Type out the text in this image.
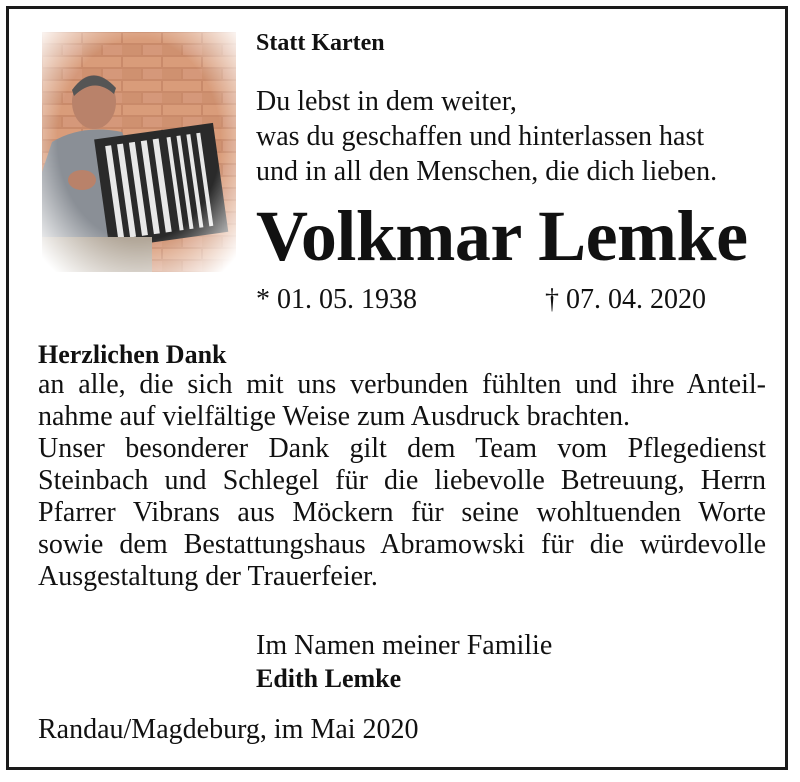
Statt Karten
Du lebst in dem weiter,
was du geschaffen und hinterlassen hast
und in all den Menschen, die dich lieben.
Volkmar Lemke
* 01. 05. 1938	† 07. 04. 2020
Herzlichen Dank
an alle, die sich mit uns verbunden fühlten und ihre Anteil-
nahme auf vielfältige Weise zum Ausdruck brachten.
Unser besonderer Dank gilt dem Team vom Pflegedienst
Steinbach und Schlegel für die liebevolle Betreuung, Herrn
Pfarrer Vibrans aus Möckern für seine wohltuenden Worte
sowie dem Bestattungshaus Abramowski für die würdevolle
Ausgestaltung der Trauerfeier.
Im Namen meiner Familie
Edith Lemke
Randau/Magdeburg, im Mai 2020
